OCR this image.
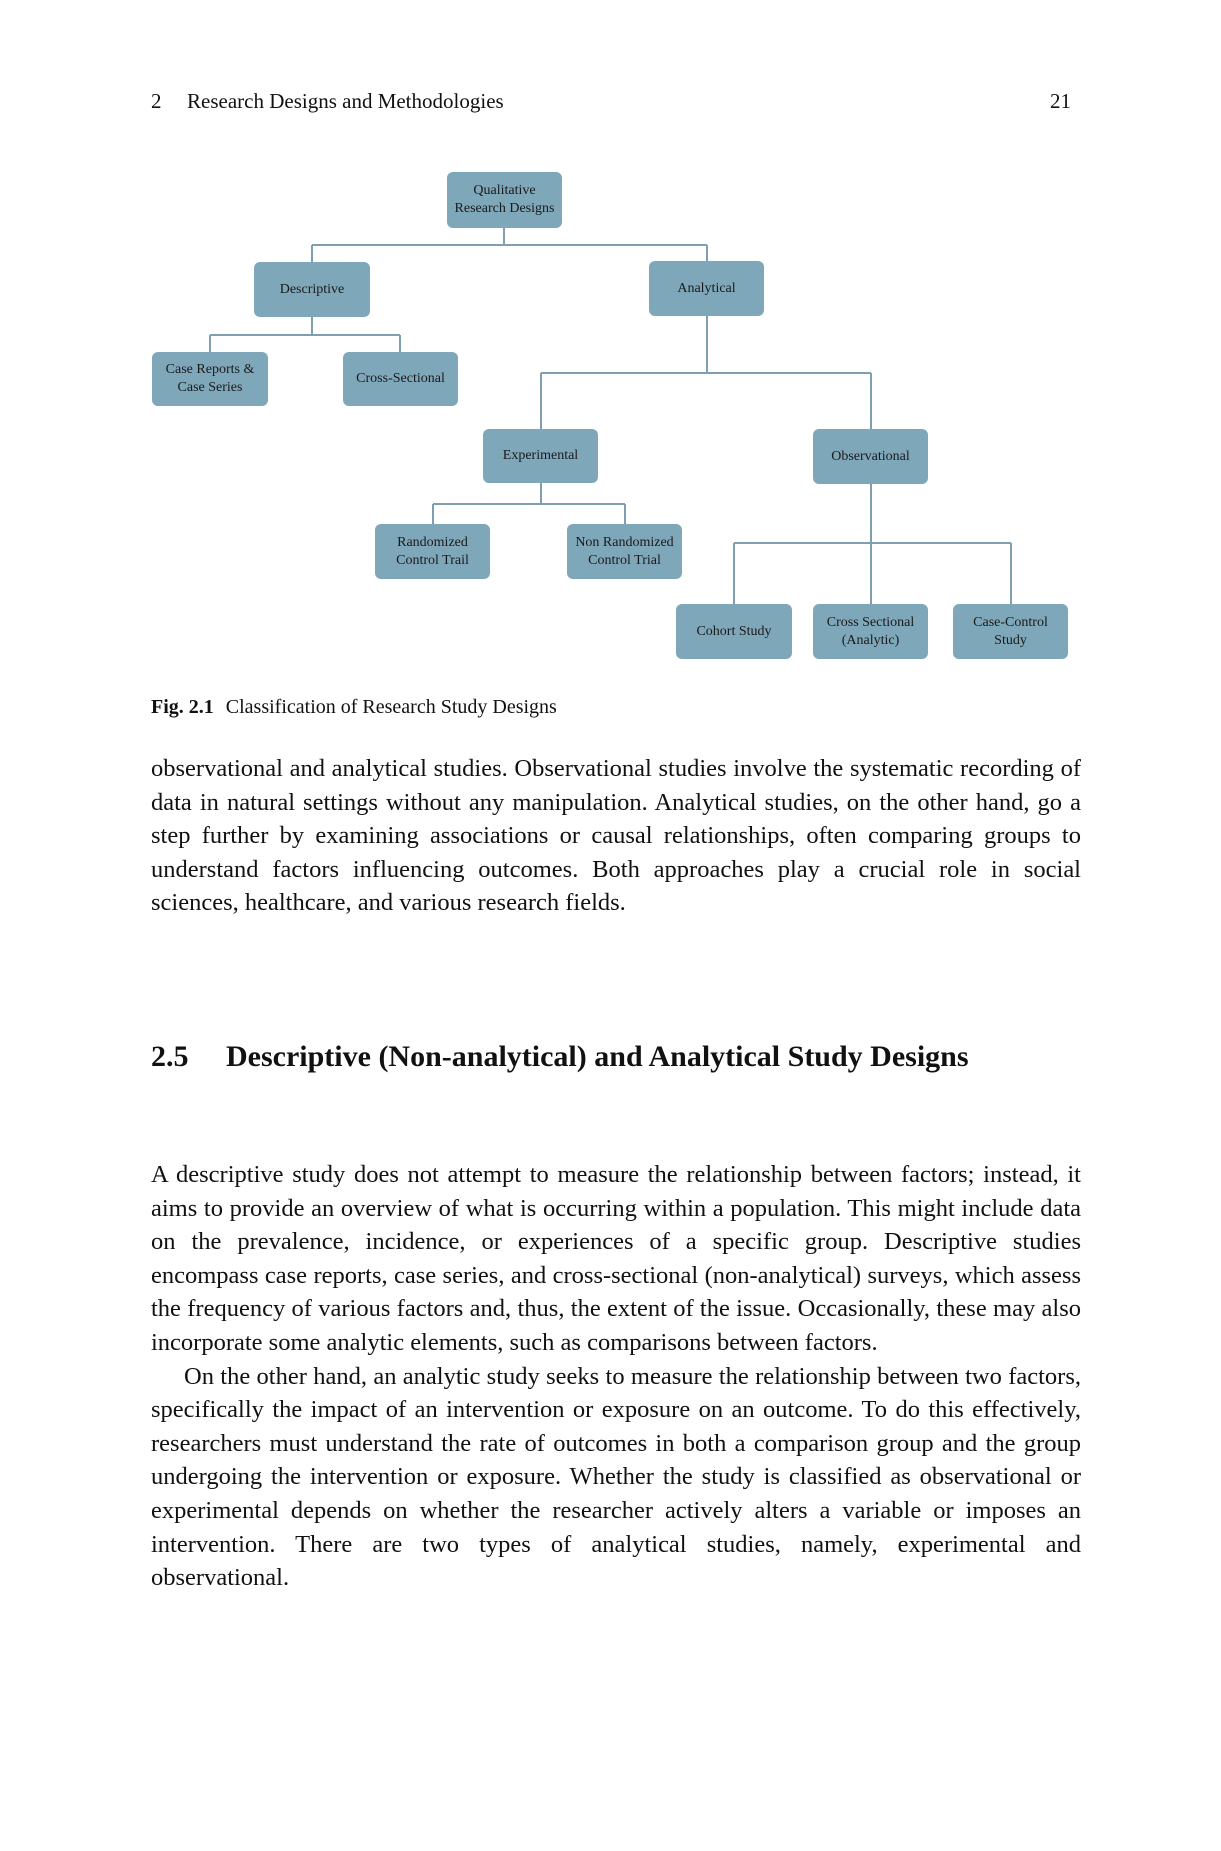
2 Research Designs and Methodologies	21
Qualitative Research Designs
Descriptive	Analytical
Case Reports & Case Series
Cross-Sectional
Experimental	Observational
Randomized Control Trail
Non Randomized Control Trial
Cohort Study
Cross Sectional (Analytic)
Case-Control Study
Fig. 2.1 Classification of Research Study Designs

observational and analytical studies. Observational studies involve the systematic recording of data in natural settings without any manipulation. Analytical studies, on the other hand, go a step further by examining associations or causal relationships, often comparing groups to understand factors influencing outcomes. Both approaches play a crucial role in social sciences, healthcare, and various research fields.

2.5 Descriptive (Non-analytical) and Analytical Study Designs

A descriptive study does not attempt to measure the relationship between factors; instead, it aims to provide an overview of what is occurring within a population. This might include data on the prevalence, incidence, or experiences of a specific group. Descriptive studies encompass case reports, case series, and cross-sectional (non-analytical) surveys, which assess the frequency of various factors and, thus, the extent of the issue. Occasionally, these may also incorporate some analytic elements, such as comparisons between factors.

On the other hand, an analytic study seeks to measure the relationship between two factors, specifically the impact of an intervention or exposure on an outcome. To do this effectively, researchers must understand the rate of outcomes in both a comparison group and the group undergoing the intervention or exposure. Whether the study is classified as observational or experimental depends on whether the researcher actively alters a variable or imposes an intervention. There are two types of analytical studies, namely, experimental and observational.
